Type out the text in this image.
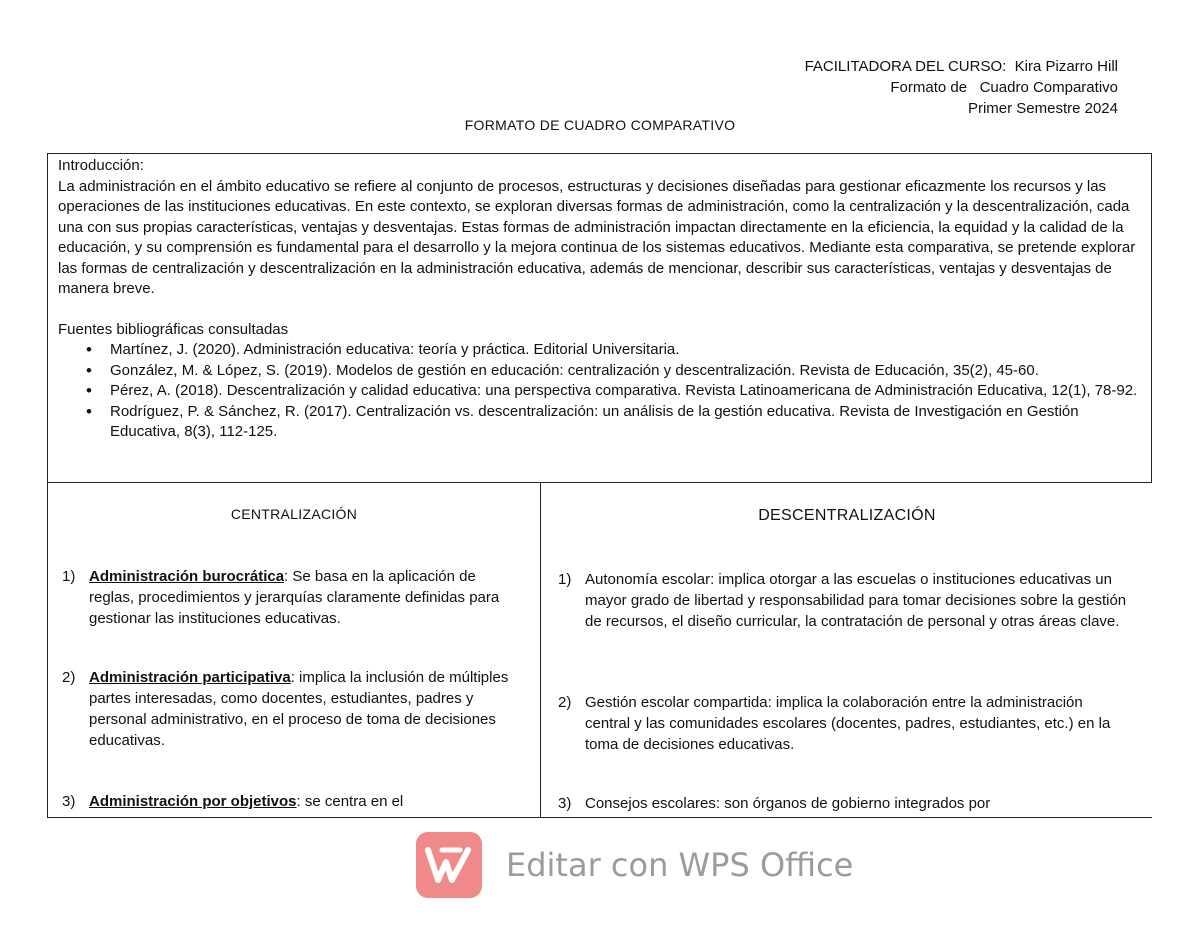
FACILITADORA DEL CURSO:  Kira Pizarro Hill
Formato de   Cuadro Comparativo
Primer Semestre 2024
FORMATO DE CUADRO COMPARATIVO

Introducción:

La administración en el ámbito educativo se refiere al conjunto de procesos, estructuras y decisiones diseñadas para gestionar eficazmente los recursos y las operaciones de las instituciones educativas. En este contexto, se exploran diversas formas de administración, como la centralización y la descentralización, cada una con sus propias características, ventajas y desventajas. Estas formas de administración impactan directamente en la eficiencia, la equidad y la calidad de la educación, y su comprensión es fundamental para el desarrollo y la mejora continua de los sistemas educativos. Mediante esta comparativa, se pretende explorar las formas de centralización y descentralización en la administración educativa, además de mencionar, describir sus características, ventajas y desventajas de manera breve.

Fuentes bibliográficas consultadas

• Martínez, J. (2020). Administración educativa: teoría y práctica. Editorial Universitaria.
• González, M. & López, S. (2019). Modelos de gestión en educación: centralización y descentralización. Revista de Educación, 35(2), 45-60.
• Pérez, A. (2018). Descentralización y calidad educativa: una perspectiva comparativa. Revista Latinoamericana de Administración Educativa, 12(1), 78-92.
• Rodríguez, P. & Sánchez, R. (2017). Centralización vs. descentralización: un análisis de la gestión educativa. Revista de Investigación en Gestión Educativa, 8(3), 112-125.
CENTRALIZACIÓN
1) Administración burocrática: Se basa en la aplicación de reglas, procedimientos y jerarquías claramente definidas para gestionar las instituciones educativas.
2) Administración participativa: implica la inclusión de múltiples partes interesadas, como docentes, estudiantes, padres y personal administrativo, en el proceso de toma de decisiones educativas.
3) Administración por objetivos: se centra en el
DESCENTRALIZACIÓN
1) Autonomía escolar: implica otorgar a las escuelas o instituciones educativas un mayor grado de libertad y responsabilidad para tomar decisiones sobre la gestión de recursos, el diseño curricular, la contratación de personal y otras áreas clave.
2) Gestión escolar compartida: implica la colaboración entre la administración central y las comunidades escolares (docentes, padres, estudiantes, etc.) en la toma de decisiones educativas.
3) Consejos escolares: son órganos de gobierno integrados por
Editar con WPS Office
